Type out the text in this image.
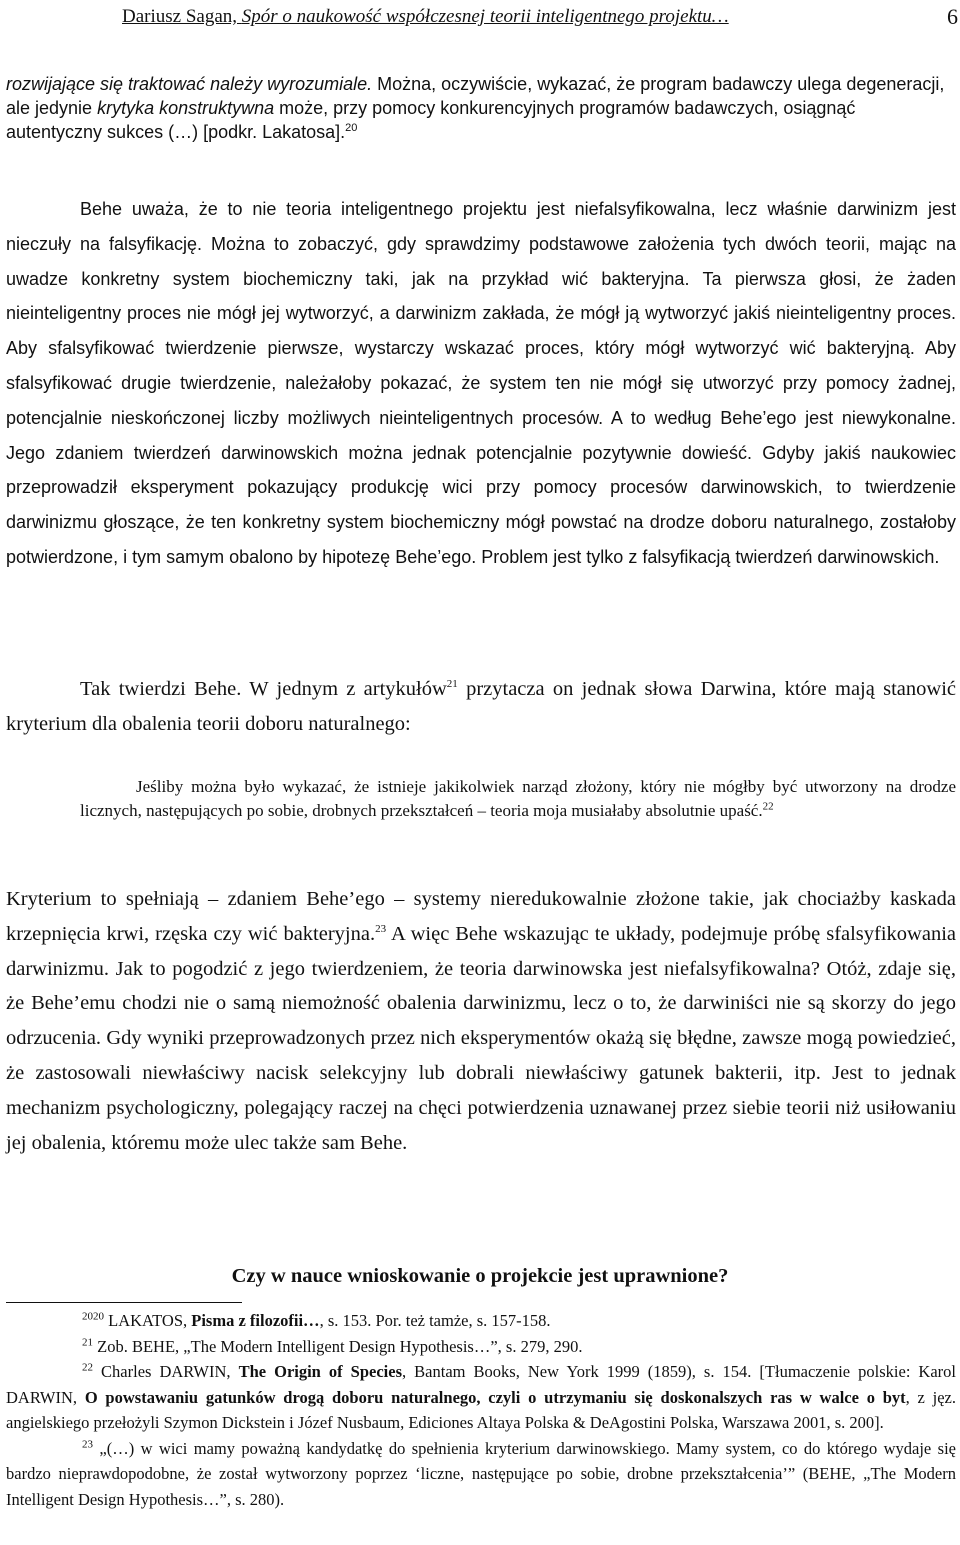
Dariusz Sagan, Spór o naukowość współczesnej teorii inteligentnego projektu…	6
rozwijające się traktować należy wyrozumiale. Można, oczywiście, wykazać, że program badawczy ulega degeneracji, ale jedynie krytyka konstruktywna może, przy pomocy konkurencyjnych programów badawczych, osiągnąć autentyczny sukces (…) [podkr. Lakatosa].$^{20}$
Behe uważa, że to nie teoria inteligentnego projektu jest niefalsyfikowalna, lecz właśnie darwinizm jest nieczuły na falsyfikację. Można to zobaczyć, gdy sprawdzimy podstawowe założenia tych dwóch teorii, mając na uwadze konkretny system biochemiczny taki, jak na przykład wić bakteryjna. Ta pierwsza głosi, że żaden nieinteligentny proces nie mógł jej wytworzyć, a darwinizm zakłada, że mógł ją wytworzyć jakiś nieinteligentny proces. Aby sfalsyfikować twierdzenie pierwsze, wystarczy wskazać proces, który mógł wytworzyć wić bakteryjną. Aby sfalsyfikować drugie twierdzenie, należałoby pokazać, że system ten nie mógł się utworzyć przy pomocy żadnej, potencjalnie nieskończonej liczby możliwych nieinteligentnych procesów. A to według Behe’ego jest niewykonalne. Jego zdaniem twierdzeń darwinowskich można jednak potencjalnie pozytywnie dowieść. Gdyby jakiś naukowiec przeprowadził eksperyment pokazujący produkcję wici przy pomocy procesów darwinowskich, to twierdzenie darwinizmu głoszące, że ten konkretny system biochemiczny mógł powstać na drodze doboru naturalnego, zostałoby potwierdzone, i tym samym obalono by hipotezę Behe’ego. Problem jest tylko z falsyfikacją twierdzeń darwinowskich.
Tak twierdzi Behe. W jednym z artykułów$^{21}$ przytacza on jednak słowa Darwina, które mają stanowić kryterium dla obalenia teorii doboru naturalnego:

Jeśliby można było wykazać, że istnieje jakikolwiek narząd złożony, który nie mógłby być utworzony na drodze licznych, następujących po sobie, drobnych przekształceń – teoria moja musiałaby absolutnie upaść.$^{22}$

Kryterium to spełniają – zdaniem Behe’ego – systemy nieredukowalnie złożone takie, jak chociażby kaskada krzepnięcia krwi, rzęska czy wić bakteryjna.$^{23}$ A więc Behe wskazując te układy, podejmuje próbę sfalsyfikowania darwinizmu. Jak to pogodzić z jego twierdzeniem, że teoria darwinowska jest niefalsyfikowalna? Otóż, zdaje się, że Behe’emu chodzi nie o samą niemożność obalenia darwinizmu, lecz o to, że darwiniści nie są skorzy do jego odrzucenia. Gdy wyniki przeprowadzonych przez nich eksperymentów okażą się błędne, zawsze mogą powiedzieć, że zastosowali niewłaściwy nacisk selekcyjny lub dobrali niewłaściwy gatunek bakterii, itp. Jest to jednak mechanizm psychologiczny, polegający raczej na chęci potwierdzenia uznawanej przez siebie teorii niż usiłowaniu jej obalenia, któremu może ulec także sam Behe.
Czy w nauce wnioskowanie o projekcie jest uprawnione?

$^{2020}$ LAKATOS, Pisma z filozofii…, s. 153. Por. też tamże, s. 157-158.

$^{21}$ Zob. BEHE, „The Modern Intelligent Design Hypothesis…”, s. 279, 290.

$^{22}$ Charles DARWIN, The Origin of Species, Bantam Books, New York 1999 (1859), s. 154. [Tłumaczenie polskie: Karol DARWIN, O powstawaniu gatunków drogą doboru naturalnego, czyli o utrzymaniu się doskonalszych ras w walce o byt, z jęz. angielskiego przełożyli Szymon Dickstein i Józef Nusbaum, Ediciones Altaya Polska & DeAgostini Polska, Warszawa 2001, s. 200].

$^{23}$ „(…) w wici mamy poważną kandydatkę do spełnienia kryterium darwinowskiego. Mamy system, co do którego wydaje się bardzo nieprawdopodobne, że został wytworzony poprzez ‘liczne, następujące po sobie, drobne przekształcenia’” (BEHE, „The Modern Intelligent Design Hypothesis…”, s. 280).
